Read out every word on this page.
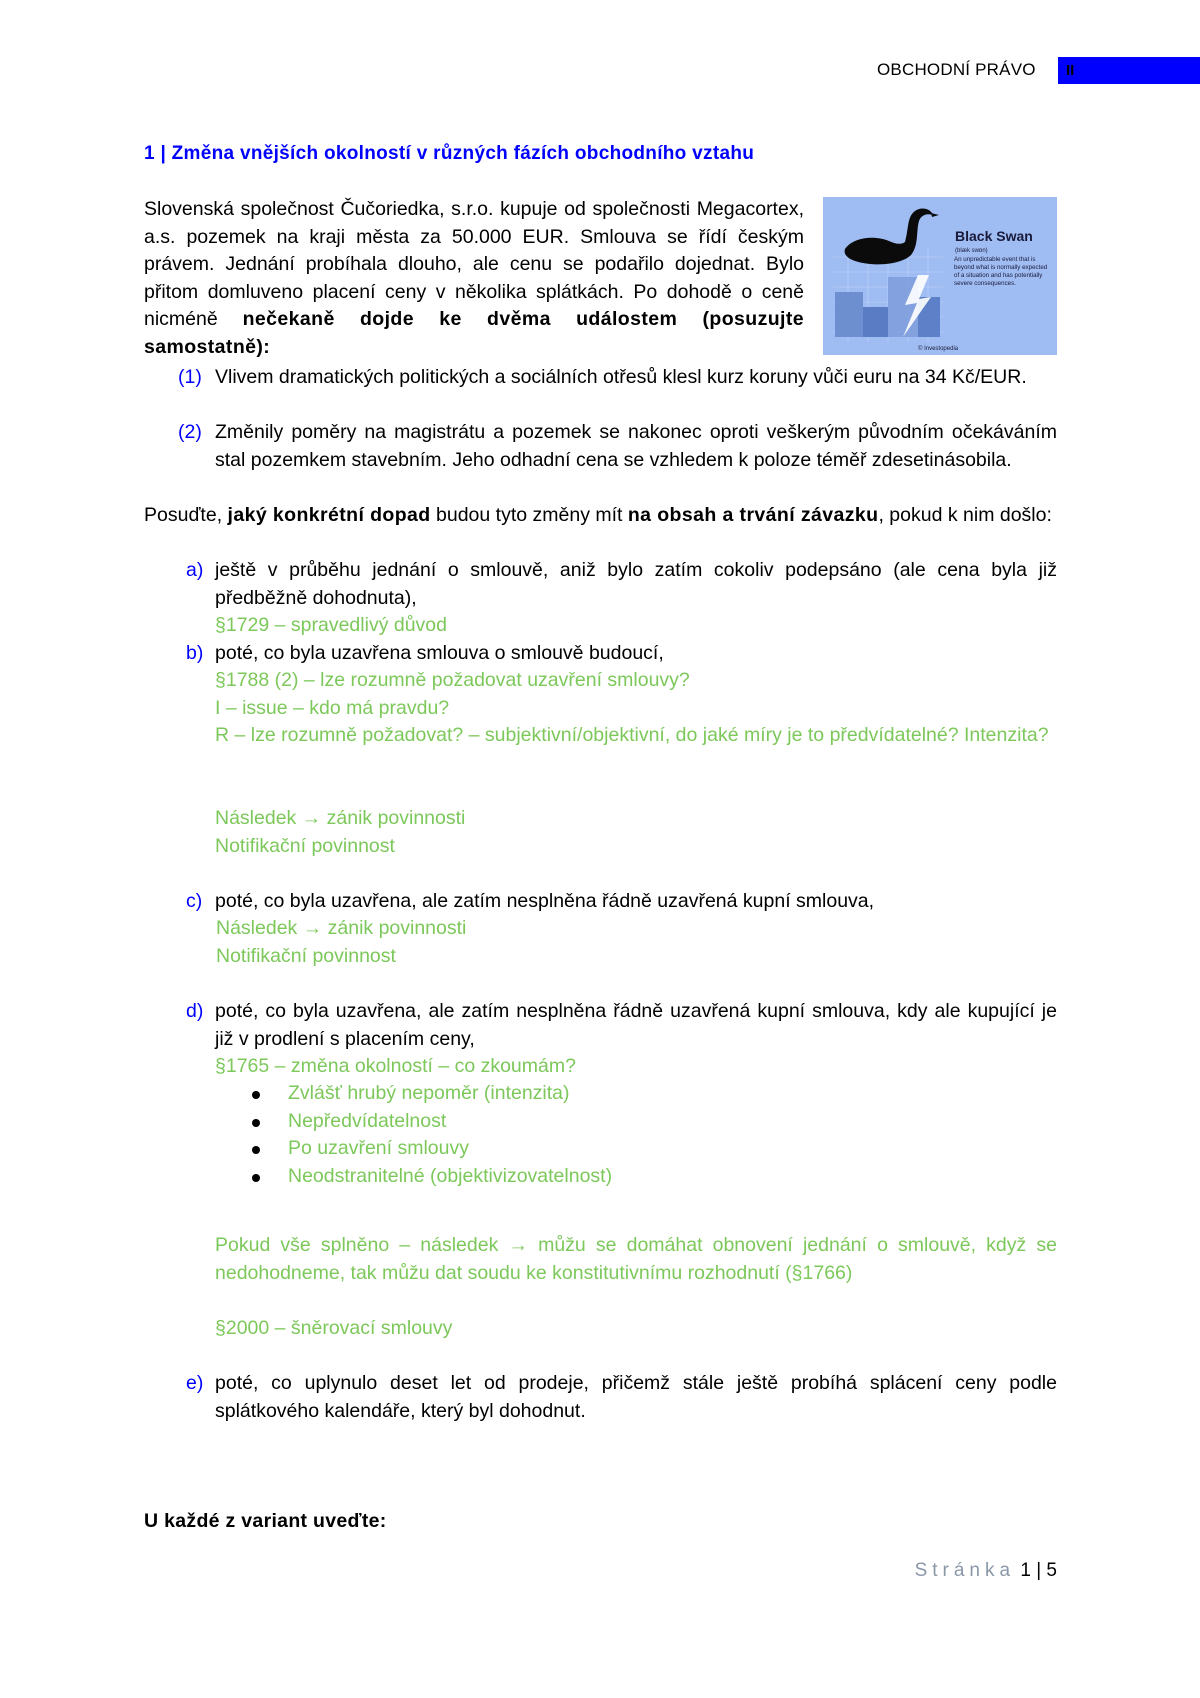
OBCHODNÍ PRÁVO II
1 | Změna vnějších okolností v různých fázích obchodního vztahu
Slovenská společnost Čučoriedka, s.r.o. kupuje od společnosti Megacortex, a.s. pozemek na kraji města za 50.000 EUR. Smlouva se řídí českým právem. Jednání probíhala dlouho, ale cenu se podařilo dojednat. Bylo přitom domluveno placení ceny v několika splátkách. Po dohodě o ceně nicméně nečekaně dojde ke dvěma událostem (posuzujte samostatně):
Black Swan
(blæk swɒn)
An unpredictable event that is beyond what is normally expected of a situation and has potentially severe consequences.
© Investopedia
(1) Vlivem dramatických politických a sociálních otřesů klesl kurz koruny vůči euru na 34 Kč/EUR.
(2) Změnily poměry na magistrátu a pozemek se nakonec oproti veškerým původním očekáváním stal pozemkem stavebním. Jeho odhadní cena se vzhledem k poloze téměř zdesetinásobila.
Posuďte, jaký konkrétní dopad budou tyto změny mít na obsah a trvání závazku, pokud k nim došlo:
a) ještě v průběhu jednání o smlouvě, aniž bylo zatím cokoliv podepsáno (ale cena byla již předběžně dohodnuta),
§1729 – spravedlivý důvod
b) poté, co byla uzavřena smlouva o smlouvě budoucí,
§1788 (2) – lze rozumně požadovat uzavření smlouvy?
I – issue – kdo má pravdu?
R – lze rozumně požadovat? – subjektivní/objektivní, do jaké míry je to předvídatelné? Intenzita?
Následek → zánik povinnosti
Notifikační povinnost
c) poté, co byla uzavřena, ale zatím nesplněna řádně uzavřená kupní smlouva,
Následek → zánik povinnosti
Notifikační povinnost
d) poté, co byla uzavřena, ale zatím nesplněna řádně uzavřená kupní smlouva, kdy ale kupující je již v prodlení s placením ceny,
§1765 – změna okolností – co zkoumám?
Zvlášť hrubý nepoměr (intenzita)
Nepředvídatelnost
Po uzavření smlouvy
Neodstranitelné (objektivizovatelnost)
Pokud vše splněno – následek → můžu se domáhat obnovení jednání o smlouvě, když se nedohodneme, tak můžu dat soudu ke konstitutivnímu rozhodnutí (§1766)
§2000 – šněrovací smlouvy
e) poté, co uplynulo deset let od prodeje, přičemž stále ještě probíhá splácení ceny podle splátkového kalendáře, který byl dohodnut.
U každé z variant uveďte:
Stránka 1 | 5
